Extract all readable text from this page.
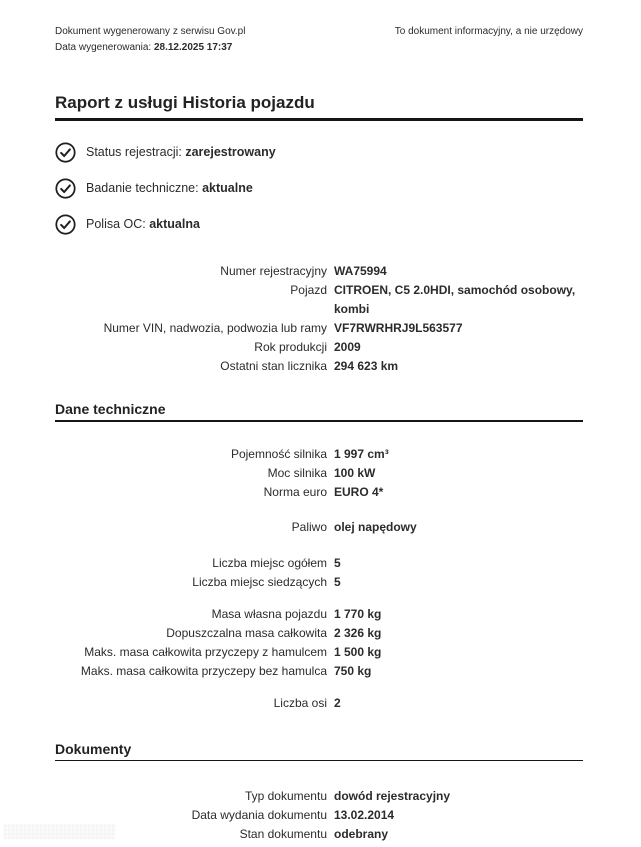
Dokument wygenerowany z serwisu Gov.pl
Data wygenerowania: 28.12.2025 17:37
To dokument informacyjny, a nie urzędowy
Raport z usługi Historia pojazdu
Status rejestracji: zarejestrowany
Badanie techniczne: aktualne
Polisa OC: aktualna
Numer rejestracyjny WA75994
Pojazd CITROEN, C5 2.0HDI, samochód osobowy, kombi
Numer VIN, nadwozia, podwozia lub ramy VF7RWRHRJ9L563577
Rok produkcji 2009
Ostatni stan licznika 294 623 km
Dane techniczne
Pojemność silnika 1 997 cm³
Moc silnika 100 kW
Norma euro EURO 4*
Paliwo olej napędowy
Liczba miejsc ogółem 5
Liczba miejsc siedzących 5
Masa własna pojazdu 1 770 kg
Dopuszczalna masa całkowita 2 326 kg
Maks. masa całkowita przyczepy z hamulcem 1 500 kg
Maks. masa całkowita przyczepy bez hamulca 750 kg
Liczba osi 2
Dokumenty
Typ dokumentu dowód rejestracyjny
Data wydania dokumentu 13.02.2014
Stan dokumentu odebrany
